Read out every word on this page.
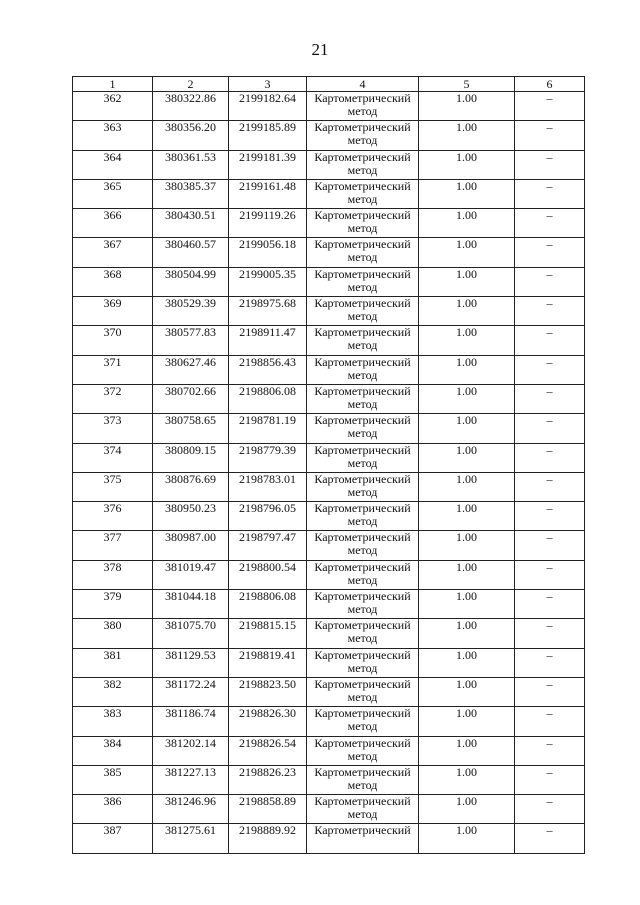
21
1	2	3	4	5	6
362	380322.86	2199182.64	Картометрический метод	1.00	–
363	380356.20	2199185.89	Картометрический метод	1.00	–
364	380361.53	2199181.39	Картометрический метод	1.00	–
365	380385.37	2199161.48	Картометрический метод	1.00	–
366	380430.51	2199119.26	Картометрический метод	1.00	–
367	380460.57	2199056.18	Картометрический метод	1.00	–
368	380504.99	2199005.35	Картометрический метод	1.00	–
369	380529.39	2198975.68	Картометрический метод	1.00	–
370	380577.83	2198911.47	Картометрический метод	1.00	–
371	380627.46	2198856.43	Картометрический метод	1.00	–
372	380702.66	2198806.08	Картометрический метод	1.00	–
373	380758.65	2198781.19	Картометрический метод	1.00	–
374	380809.15	2198779.39	Картометрический метод	1.00	–
375	380876.69	2198783.01	Картометрический метод	1.00	–
376	380950.23	2198796.05	Картометрический метод	1.00	–
377	380987.00	2198797.47	Картометрический метод	1.00	–
378	381019.47	2198800.54	Картометрический метод	1.00	–
379	381044.18	2198806.08	Картометрический метод	1.00	–
380	381075.70	2198815.15	Картометрический метод	1.00	–
381	381129.53	2198819.41	Картометрический метод	1.00	–
382	381172.24	2198823.50	Картометрический метод	1.00	–
383	381186.74	2198826.30	Картометрический метод	1.00	–
384	381202.14	2198826.54	Картометрический метод	1.00	–
385	381227.13	2198826.23	Картометрический метод	1.00	–
386	381246.96	2198858.89	Картометрический метод	1.00	–
387	381275.61	2198889.92	Картометрический	1.00	–
